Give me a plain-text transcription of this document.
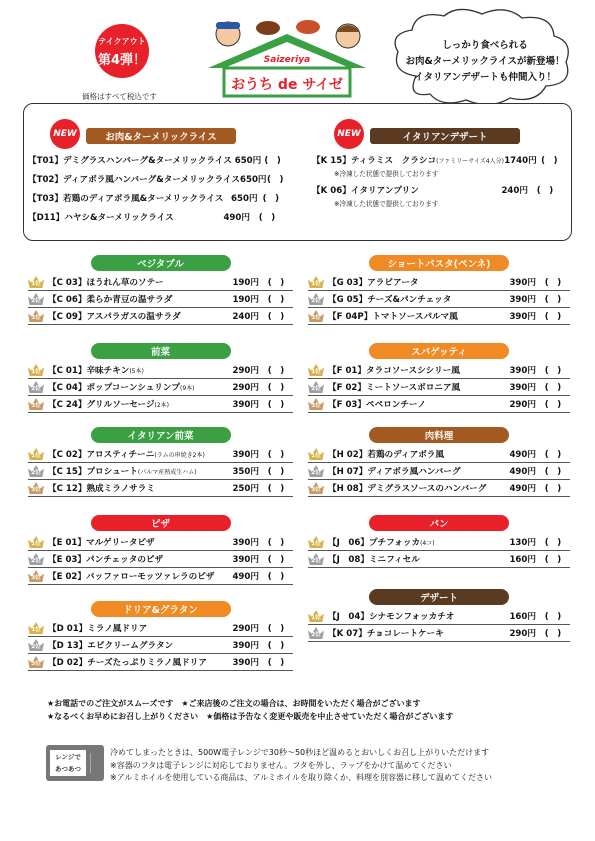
テイクアウト
第4弾！
価格はすべて税込です
Saizeriya
おうち de サイゼ
しっかり食べられる
お肉&ターメリックライスが新登場！
イタリアンデザートも仲間入り！
NEW	お肉&ターメリックライス
【T01】 デミグラスハンバーグ&ターメリックライス 650円 (　)
【T02】 ディアボラ風ハンバーグ&ターメリックライス 650円 (　)
【T03】 若鶏のディアボラ風&ターメリックライス 650円 (　)
【D11】 ハヤシ&ターメリックライス	490円	(　)
NEW	イタリアンデザート
【K 15】 ティラミス　クラシコ(ファミリーサイズ4人分) 1740円 (　)
※冷凍した状態で提供しております
【K 06】 イタリアンプリン	240円	(　)
※冷凍した状態で提供しております
ベジタブル
1位 【C 03】 ほうれん草のソテー	190円	(　)
2位 【C 06】 柔らか青豆の温サラダ	190円	(　)
3位 【C 09】 アスパラガスの温サラダ	240円	(　)
前菜
1位 【C 01】 辛味チキン(5本)	290円	(　)
2位 【C 04】 ポップコーンシュリンプ(9本)	290円	(　)
3位 【C 24】 グリルソーセージ(2本)	390円	(　)
イタリアン前菜
1位 【C 02】 アロスティチーニ(ラムの串焼き2本)	390円	(　)
2位 【C 15】 プロシュート(パルマ産熟成生ハム)	350円	(　)
3位 【C 12】 熟成ミラノサラミ	250円	(　)
ピザ
1位 【E 01】 マルゲリータピザ	390円	(　)
2位 【E 03】 パンチェッタのピザ	390円	(　)
3位 【E 02】 バッファローモッツァレラのピザ	490円	(　)
ドリア&グラタン
1位 【D 01】 ミラノ風ドリア	290円	(　)
2位 【D 13】 エビクリームグラタン	390円	(　)
3位 【D 02】 チーズたっぷりミラノ風ドリア	390円	(　)
ショートパスタ(ペンネ)
1位 【G 03】 アラビアータ	390円	(　)
2位 【G 05】 チーズ&パンチェッタ	390円	(　)
3位 【F 04P】 トマトソースパルマ風	390円	(　)
スパゲッティ
1位 【F 01】 タラコソースシシリー風	390円	(　)
2位 【F 02】 ミートソースボロニア風	390円	(　)
3位 【F 03】 ペペロンチーノ	290円	(　)
肉料理
1位 【H 02】 若鶏のディアボラ風	490円	(　)
2位 【H 07】 ディアボラ風ハンバーグ	490円	(　)
3位 【H 08】 デミグラスソースのハンバーグ	490円	(　)
パン
1位 【J　06】 プチフォッカ(4コ)	130円	(　)
2位 【J　08】 ミニフィセル	160円	(　)
デザート
1位 【J　04】 シナモンフォッカチオ	160円	(　)
2位 【K 07】 チョコレートケーキ	290円	(　)
★お電話でのご注文がスムーズです　★ご来店後のご注文の場合は、お時間をいただく場合がございます
★なるべくお早めにお召し上がりください　★価格は予告なく変更や販売を中止させていただく場合がございます
レンジで
あつあつ
冷めてしまったときは、500W電子レンジで30秒～50秒ほど温めるとおいしくお召し上がりいただけます
※容器のフタは電子レンジに対応しておりません。フタを外し、ラップをかけて温めてください
※アルミホイルを使用している商品は、アルミホイルを取り除くか、料理を別容器に移して温めてください
